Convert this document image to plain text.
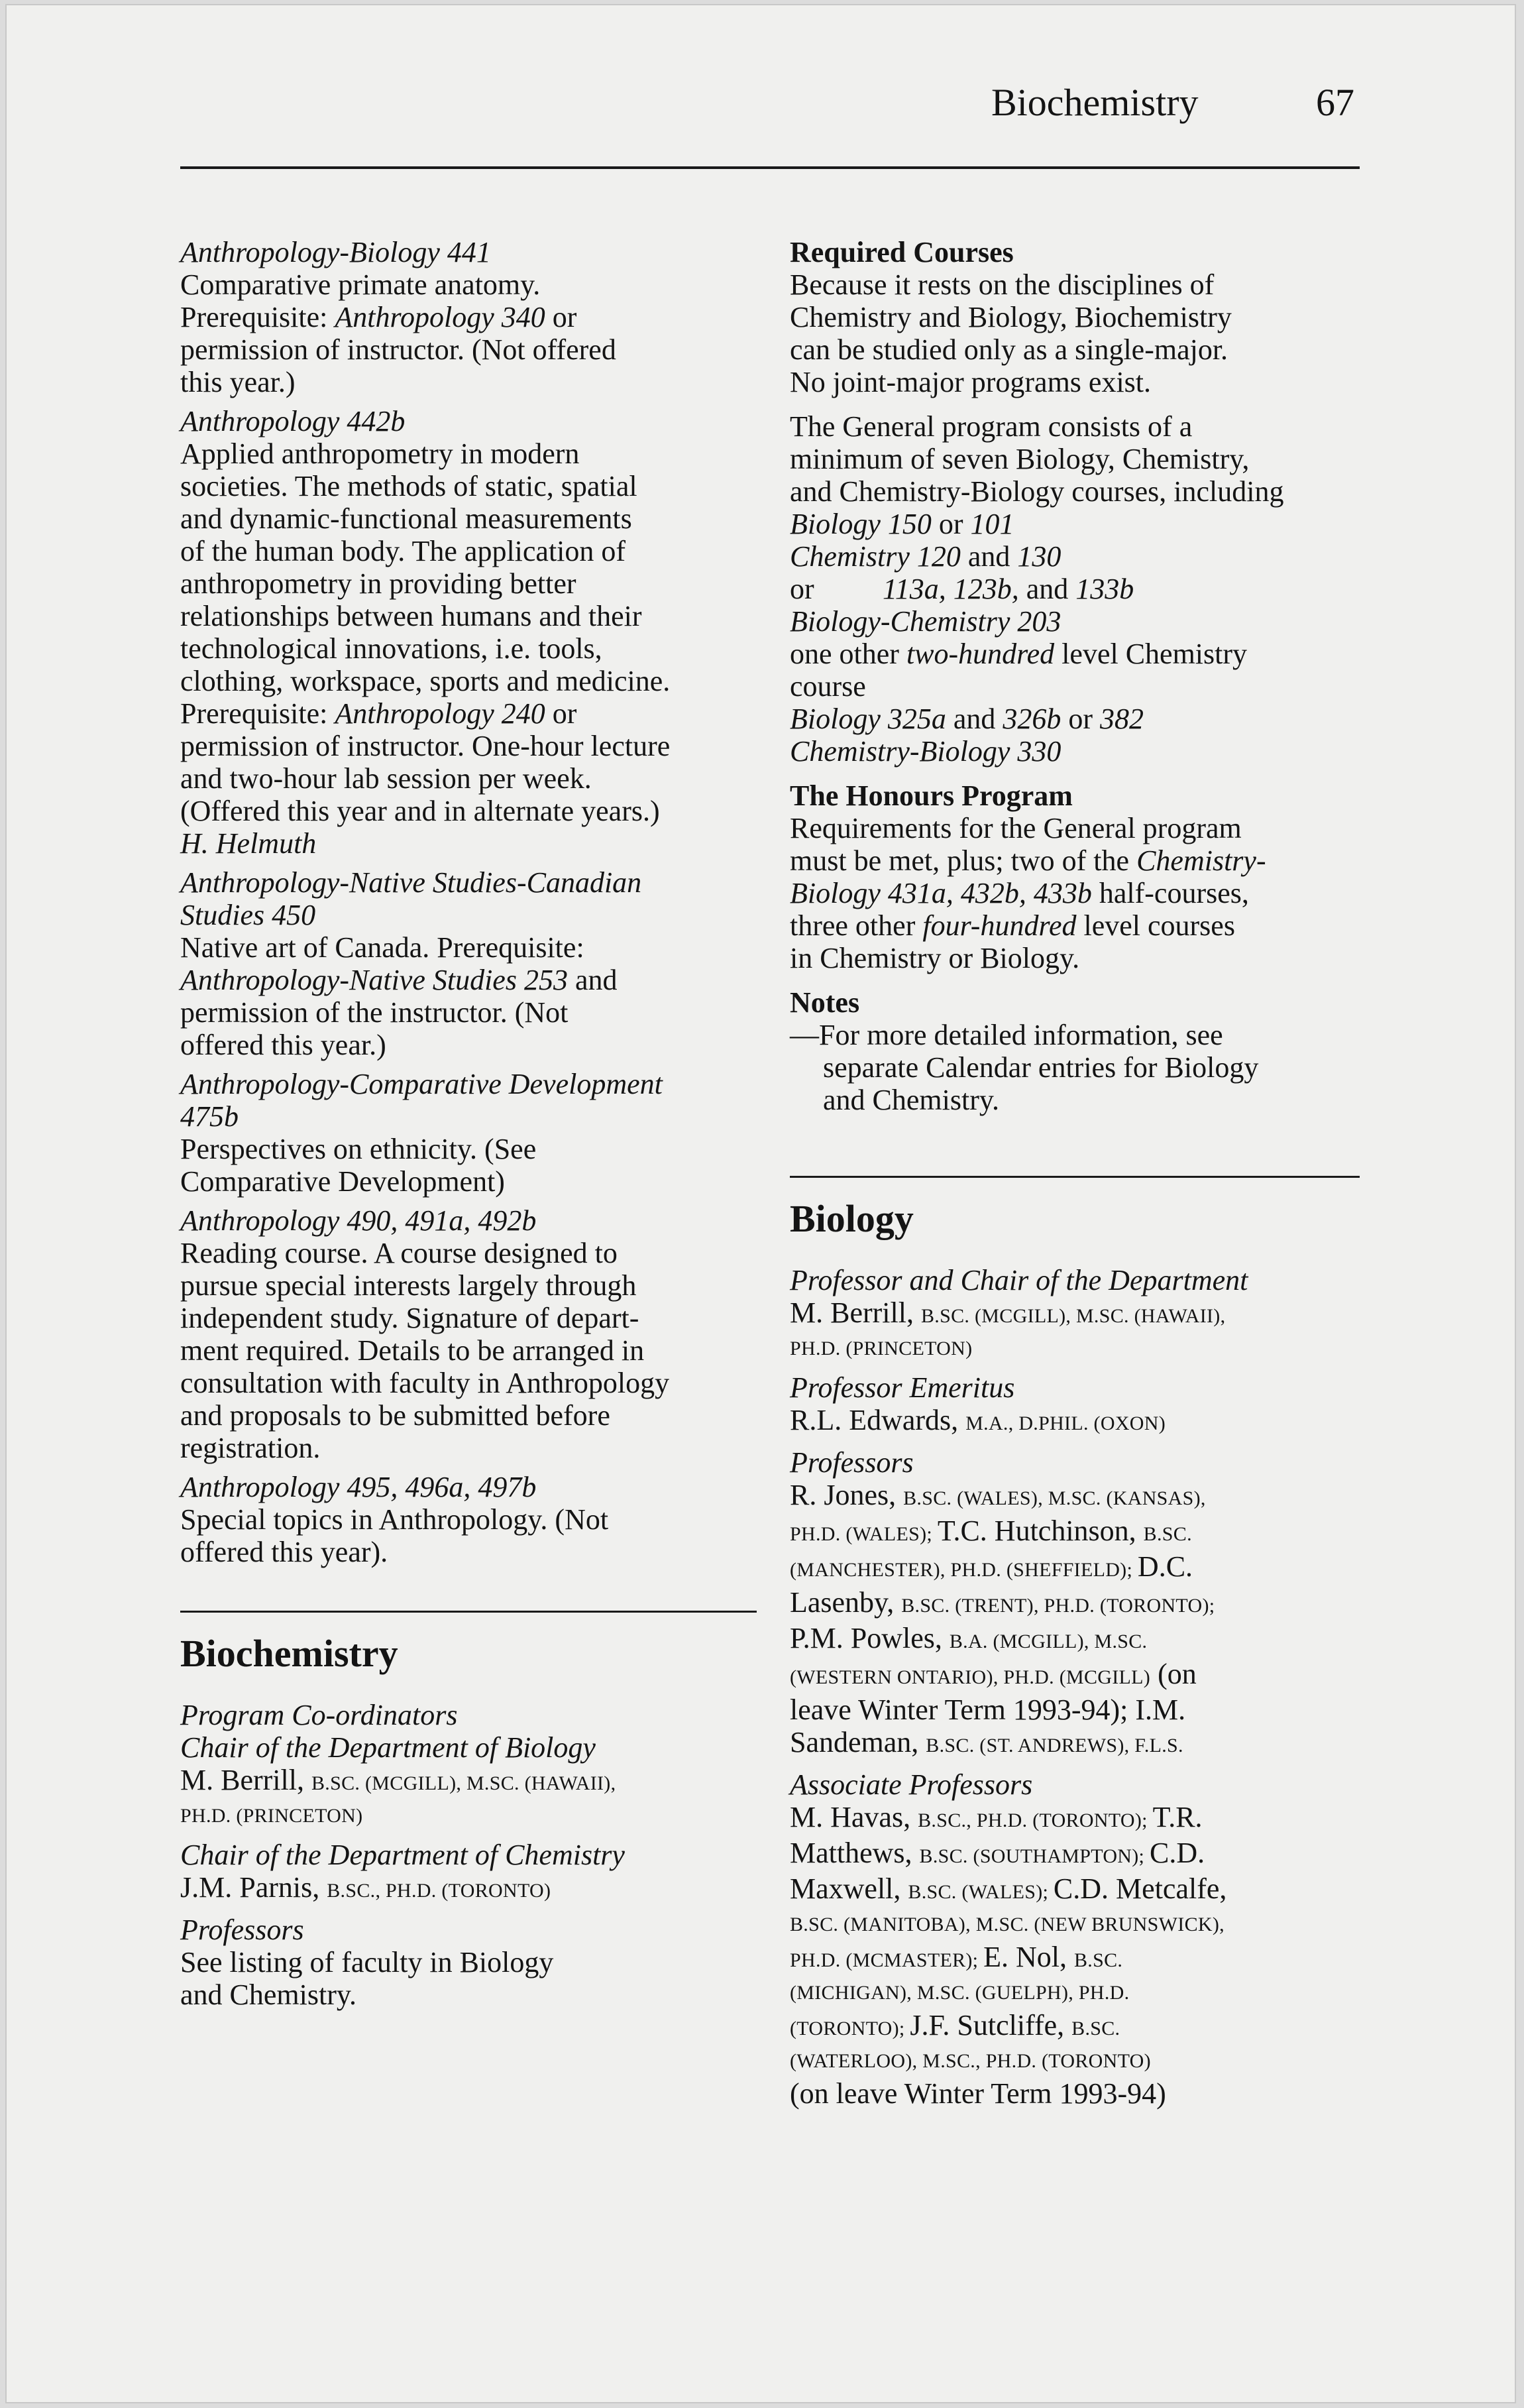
Biochemistry	67
Anthropology-Biology 441
Comparative primate anatomy.
Prerequisite: Anthropology 340 or
permission of instructor. (Not offered
this year.)
Anthropology 442b
Applied anthropometry in modern
societies. The methods of static, spatial
and dynamic-functional measurements
of the human body. The application of
anthropometry in providing better
relationships between humans and their
technological innovations, i.e. tools,
clothing, workspace, sports and medicine.
Prerequisite: Anthropology 240 or
permission of instructor. One-hour lecture
and two-hour lab session per week.
(Offered this year and in alternate years.)
H. Helmuth
Anthropology-Native Studies-Canadian
Studies 450
Native art of Canada. Prerequisite:
Anthropology-Native Studies 253 and
permission of the instructor. (Not
offered this year.)
Anthropology-Comparative Development
475b
Perspectives on ethnicity. (See
Comparative Development)
Anthropology 490, 491a, 492b
Reading course. A course designed to
pursue special interests largely through
independent study. Signature of depart-
ment required. Details to be arranged in
consultation with faculty in Anthropology
and proposals to be submitted before
registration.
Anthropology 495, 496a, 497b
Special topics in Anthropology. (Not
offered this year).
Biochemistry
Program Co-ordinators
Chair of the Department of Biology
M. Berrill, B.SC. (MCGILL), M.SC. (HAWAII),
PH.D. (PRINCETON)
Chair of the Department of Chemistry
J.M. Parnis, B.SC., PH.D. (TORONTO)
Professors
See listing of faculty in Biology
and Chemistry.
Required Courses
Because it rests on the disciplines of
Chemistry and Biology, Biochemistry
can be studied only as a single-major.
No joint-major programs exist.
The General program consists of a
minimum of seven Biology, Chemistry,
and Chemistry-Biology courses, including
Biology 150 or 101
Chemistry 120 and 130
or 113a, 123b, and 133b
Biology-Chemistry 203
one other two-hundred level Chemistry
course
Biology 325a and 326b or 382
Chemistry-Biology 330
The Honours Program
Requirements for the General program
must be met, plus; two of the Chemistry-
Biology 431a, 432b, 433b half-courses,
three other four-hundred level courses
in Chemistry or Biology.
Notes
—For more detailed information, see
separate Calendar entries for Biology
and Chemistry.
Biology
Professor and Chair of the Department
M. Berrill, B.SC. (MCGILL), M.SC. (HAWAII),
PH.D. (PRINCETON)
Professor Emeritus
R.L. Edwards, M.A., D.PHIL. (OXON)
Professors
R. Jones, B.SC. (WALES), M.SC. (KANSAS),
PH.D. (WALES); T.C. Hutchinson, B.SC.
(MANCHESTER), PH.D. (SHEFFIELD); D.C.
Lasenby, B.SC. (TRENT), PH.D. (TORONTO);
P.M. Powles, B.A. (MCGILL), M.SC.
(WESTERN ONTARIO), PH.D. (MCGILL) (on
leave Winter Term 1993-94); I.M.
Sandeman, B.SC. (ST. ANDREWS), F.L.S.
Associate Professors
M. Havas, B.SC., PH.D. (TORONTO); T.R.
Matthews, B.SC. (SOUTHAMPTON); C.D.
Maxwell, B.SC. (WALES); C.D. Metcalfe,
B.SC. (MANITOBA), M.SC. (NEW BRUNSWICK),
PH.D. (MCMASTER); E. Nol, B.SC.
(MICHIGAN), M.SC. (GUELPH), PH.D.
(TORONTO); J.F. Sutcliffe, B.SC.
(WATERLOO), M.SC., PH.D. (TORONTO)
(on leave Winter Term 1993-94)
